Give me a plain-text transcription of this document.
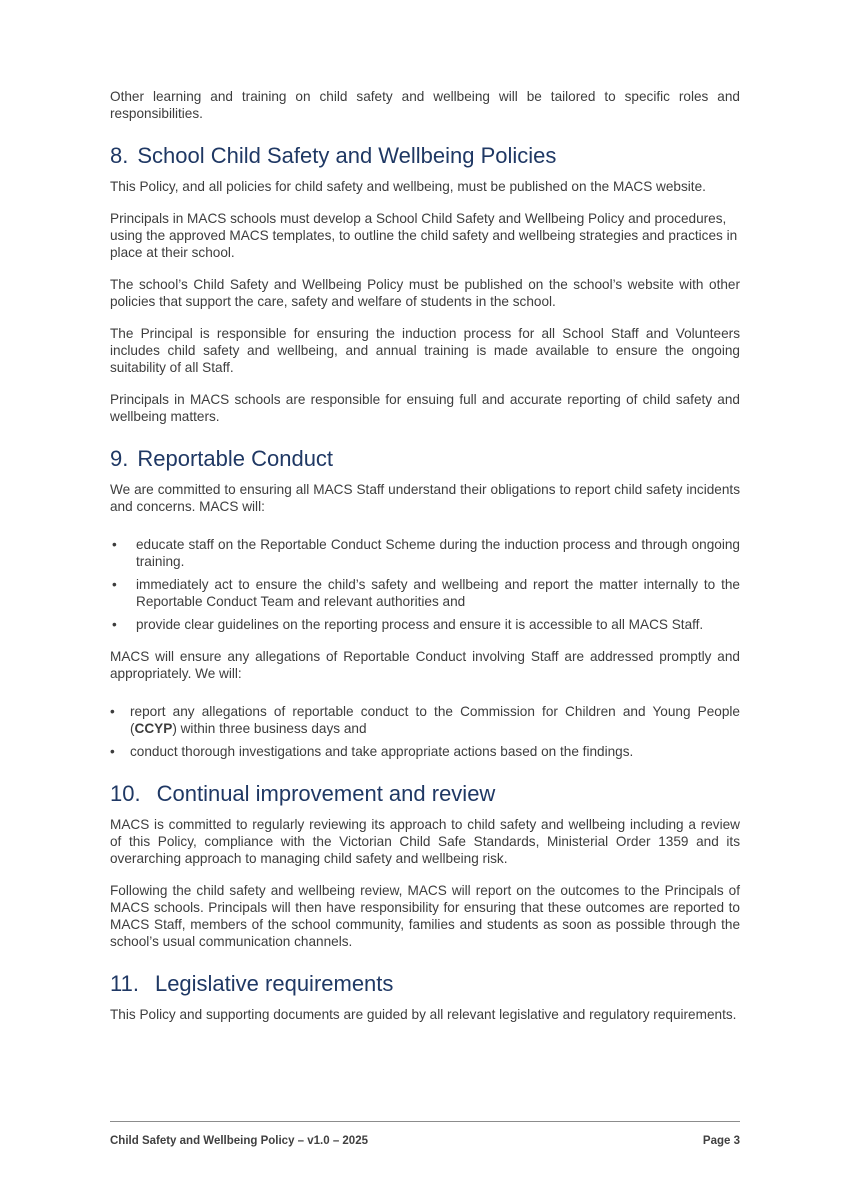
Other learning and training on child safety and wellbeing will be tailored to specific roles and responsibilities.

8. School Child Safety and Wellbeing Policies

This Policy, and all policies for child safety and wellbeing, must be published on the MACS website.

Principals in MACS schools must develop a School Child Safety and Wellbeing Policy and procedures, using the approved MACS templates, to outline the child safety and wellbeing strategies and practices in place at their school.

The school’s Child Safety and Wellbeing Policy must be published on the school’s website with other policies that support the care, safety and welfare of students in the school.

The Principal is responsible for ensuring the induction process for all School Staff and Volunteers includes child safety and wellbeing, and annual training is made available to ensure the ongoing suitability of all Staff.

Principals in MACS schools are responsible for ensuing full and accurate reporting of child safety and wellbeing matters.

9. Reportable Conduct

We are committed to ensuring all MACS Staff understand their obligations to report child safety incidents and concerns. MACS will:

• educate staff on the Reportable Conduct Scheme during the induction process and through ongoing training.
• immediately act to ensure the child’s safety and wellbeing and report the matter internally to the Reportable Conduct Team and relevant authorities and
• provide clear guidelines on the reporting process and ensure it is accessible to all MACS Staff.

MACS will ensure any allegations of Reportable Conduct involving Staff are addressed promptly and appropriately. We will:

• report any allegations of reportable conduct to the Commission for Children and Young People (CCYP) within three business days and
• conduct thorough investigations and take appropriate actions based on the findings.
10. Continual improvement and review

MACS is committed to regularly reviewing its approach to child safety and wellbeing including a review of this Policy, compliance with the Victorian Child Safe Standards, Ministerial Order 1359 and its overarching approach to managing child safety and wellbeing risk.

Following the child safety and wellbeing review, MACS will report on the outcomes to the Principals of MACS schools. Principals will then have responsibility for ensuring that these outcomes are reported to MACS Staff, members of the school community, families and students as soon as possible through the school’s usual communication channels.

11. Legislative requirements

This Policy and supporting documents are guided by all relevant legislative and regulatory requirements.

Child Safety and Wellbeing Policy – v1.0 – 2025	Page 3
